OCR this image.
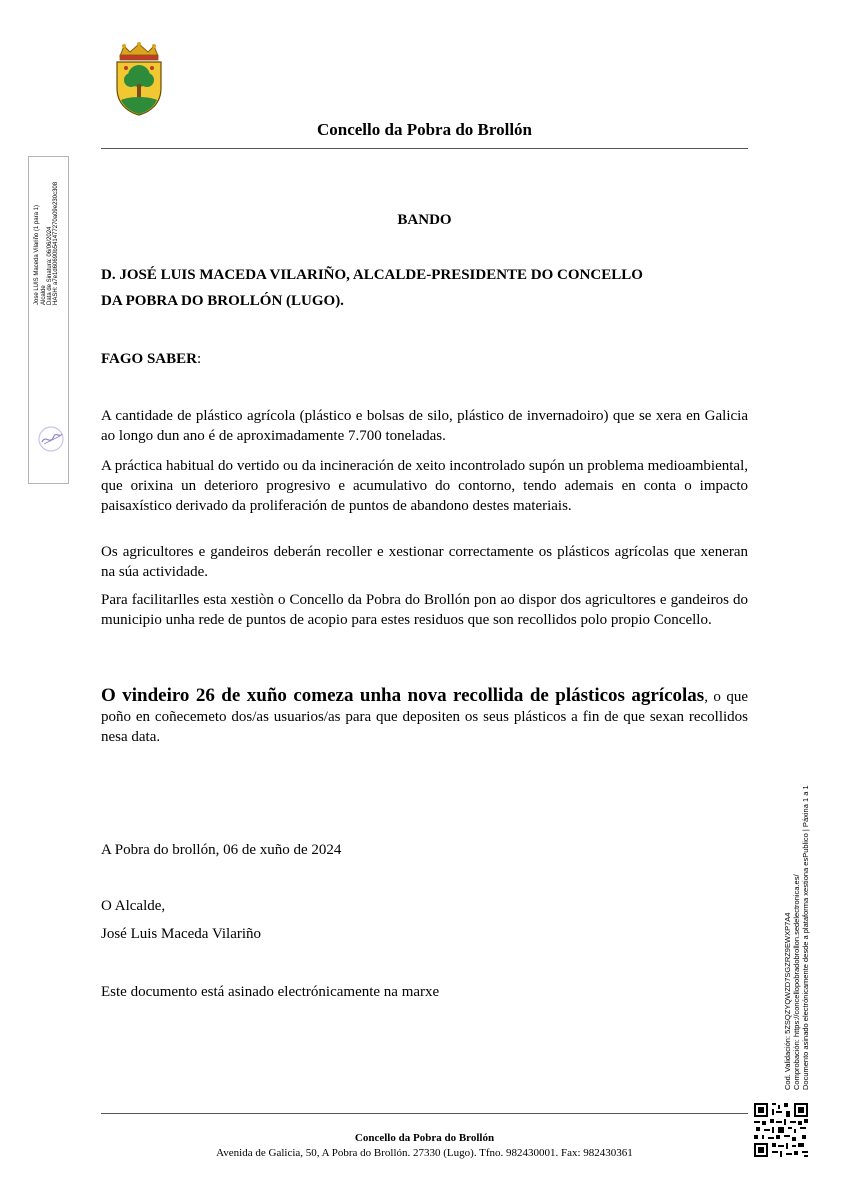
Concello da Pobra do Brollón
Jose LUIS Maceda Vilariño (1 para 1) Alcalde Data de Sinatura: 06/06/2024 HASH: a7e1d60690b541477270a09e230c308	BANDO
D. JOSÉ LUIS MACEDA VILARIÑO, ALCALDE-PRESIDENTE DO CONCELLO
DA POBRA DO BROLLÓN (LUGO).
FAGO SABER:
A cantidade de plástico agrícola (plástico e bolsas de silo, plástico de invernadoiro) que se xera en Galicia ao longo dun ano é de aproximadamente 7.700 toneladas.
A práctica habitual do vertido ou da incineración de xeito incontrolado supón un problema medioambiental, que orixina un deterioro progresivo e acumulativo do contorno, tendo ademais en conta o impacto paisaxístico derivado da proliferación de puntos de abandono destes materiais.
Os agricultores e gandeiros deberán recoller e xestionar correctamente os plásticos agrícolas que xeneran na súa actividade.
Para facilitarlles esta xestiòn o Concello da Pobra do Brollón pon ao dispor dos agricultores e gandeiros do municipio unha rede de puntos de acopio para estes residuos que son recollidos polo propio Concello.
O vindeiro 26 de xuño comeza unha nova recollida de plásticos agrícolas, o que poño en coñecemeto dos/as usuarios/as para que depositen os seus plásticos a fin de que sexan recollidos nesa data.
A Pobra do brollón, 06 de xuño de 2024
O Alcalde,
José Luis Maceda Vilariño
Este documento está asinado electrónicamente na marxe	Cod. Validación: 5ZSQZYQWZD7SGZRZ9EWXP7A4 Comprobación: https://concellopobradobrollon.sedelectronica.es/ Documento asinado electrónicamente desde a plataforma xestiona esPublico | Páxina 1 a 1
Concello da Pobra do Brollón
Avenida de Galicia, 50, A Pobra do Brollón. 27330 (Lugo). Tfno. 982430001. Fax: 982430361
